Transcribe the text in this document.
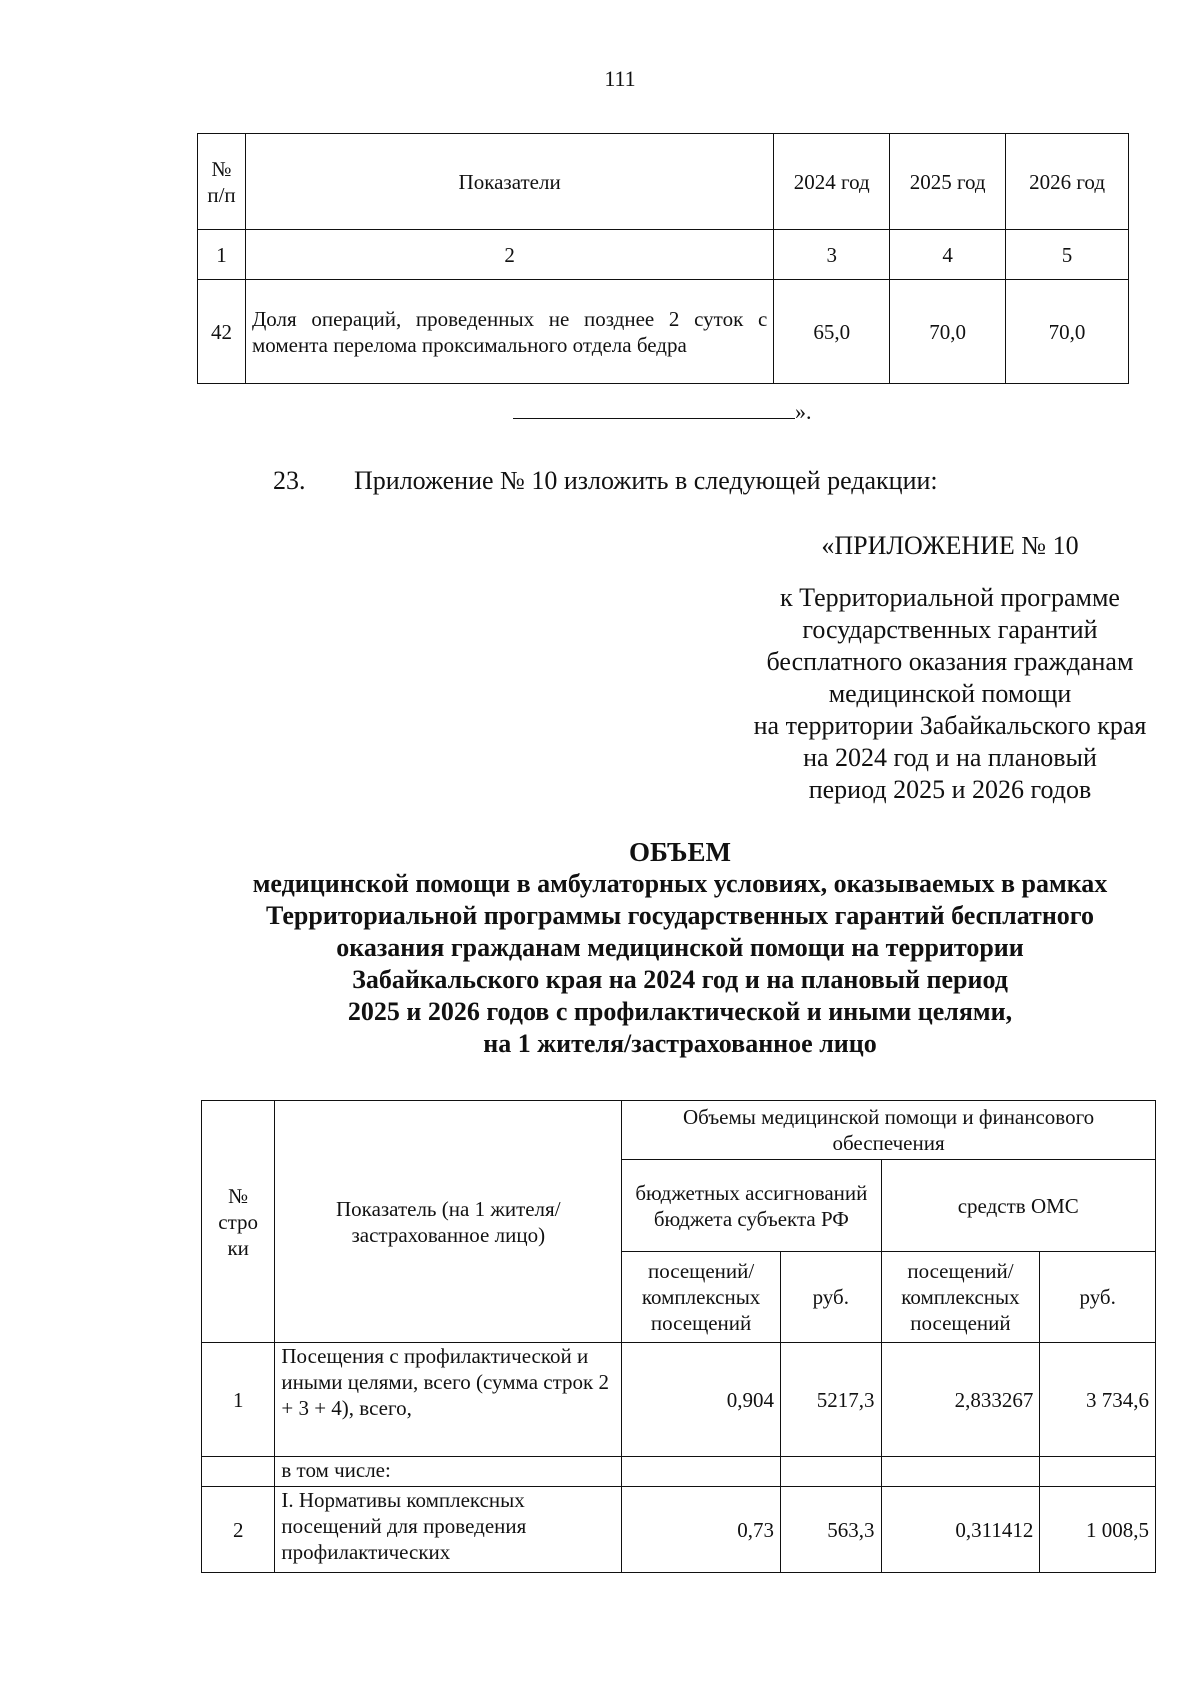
111
№ п/п	Показатели	2024 год	2025 год	2026 год
1	2	3	4	5
42	Доля операций, проведенных не позднее 2 суток с момента перелома проксимального отдела бедра	65,0	70,0	70,0
».
23. Приложение № 10 изложить в следующей редакции:
«ПРИЛОЖЕНИЕ № 10
к Территориальной программе
государственных гарантий
бесплатного оказания гражданам
медицинской помощи
на территории Забайкальского края
на 2024 год и на плановый
период 2025 и 2026 годов
ОБЪЕМ
медицинской помощи в амбулаторных условиях, оказываемых в рамках
Территориальной программы государственных гарантий бесплатного
оказания гражданам медицинской помощи на территории
Забайкальского края на 2024 год и на плановый период
2025 и 2026 годов с профилактической и иными целями,
на 1 жителя/застрахованное лицо
№ стро ки	Показатель (на 1 жителя/застрахованное лицо)	Объемы медицинской помощи и финансового обеспечения			
		бюджетных ассигнований бюджета субъекта РФ		средств ОМС	
		посещений/ комплексных посещений	руб.	посещений/ комплексных посещений	руб.
1	Посещения с профилактической и иными целями, всего (сумма строк 2 + 3 + 4), всего,	0,904	5217,3	2,833267	3 734,6
	в том числе:				
2	I. Нормативы комплексных посещений для проведения профилактических	0,73	563,3	0,311412	1 008,5
